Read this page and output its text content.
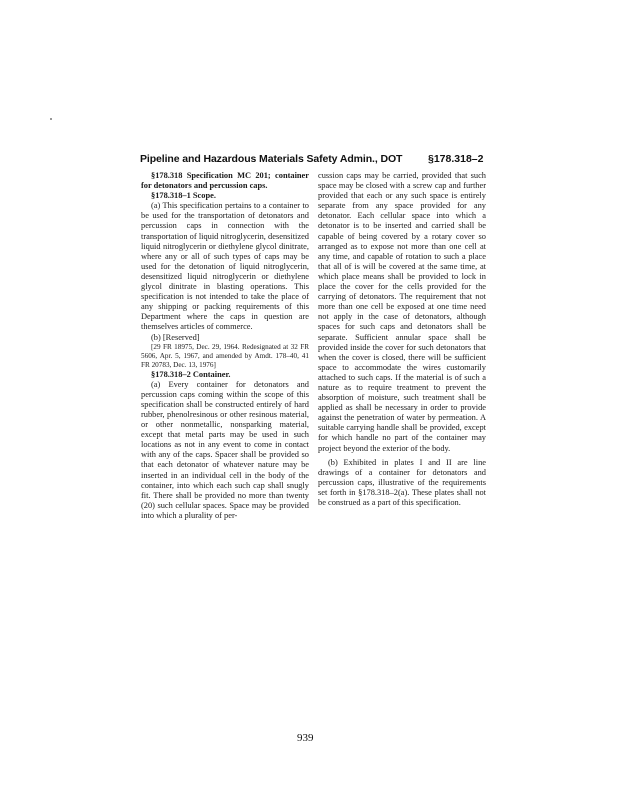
Pipeline and Hazardous Materials Safety Admin., DOT §178.318–2

§178.318 Specification MC 201; container for detonators and percussion caps.

§178.318–1 Scope.

(a) This specification pertains to a container to be used for the transportation of detonators and percussion caps in connection with the transportation of liquid nitroglycerin, desensitized liquid nitroglycerin or diethylene glycol dinitrate, where any or all of such types of caps may be used for the detonation of liquid nitroglycerin, desensitized liquid nitroglycerin or diethylene glycol dinitrate in blasting operations. This specification is not intended to take the place of any shipping or packing requirements of this Department where the caps in question are themselves articles of commerce.

(b) [Reserved]

[29 FR 18975, Dec. 29, 1964. Redesignated at 32 FR 5606, Apr. 5, 1967, and amended by Amdt. 178–40, 41 FR 20783, Dec. 13, 1976]

§178.318–2 Container.

(a) Every container for detonators and percussion caps coming within the scope of this specification shall be constructed entirely of hard rubber, phenolresinous or other resinous material, or other nonmetallic, nonsparking material, except that metal parts may be used in such locations as not in any event to come in contact with any of the caps. Spacer shall be provided so that each detonator of whatever nature may be inserted in an individual cell in the body of the container, into which each such cap shall snugly fit. There shall be provided no more than twenty (20) such cellular spaces. Space may be provided into which a plurality of per-

cussion caps may be carried, provided that such space may be closed with a screw cap and further provided that each or any such space is entirely separate from any space provided for any detonator. Each cellular space into which a detonator is to be inserted and carried shall be capable of being covered by a rotary cover so arranged as to expose not more than one cell at any time, and capable of rotation to such a place that all of is will be covered at the same time, at which place means shall be provided to lock in place the cover for the cells provided for the carrying of detonators. The requirement that not more than one cell be exposed at one time need not apply in the case of detonators, although spaces for such caps and detonators shall be separate. Sufficient annular space shall be provided inside the cover for such detonators that when the cover is closed, there will be sufficient space to accommodate the wires customarily attached to such caps. If the material is of such a nature as to require treatment to prevent the absorption of moisture, such treatment shall be applied as shall be necessary in order to provide against the penetration of water by permeation. A suitable carrying handle shall be provided, except for which handle no part of the container may project beyond the exterior of the body.

(b) Exhibited in plates I and II are line drawings of a container for detonators and percussion caps, illustrative of the requirements set forth in §178.318–2(a). These plates shall not be construed as a part of this specification.

939
